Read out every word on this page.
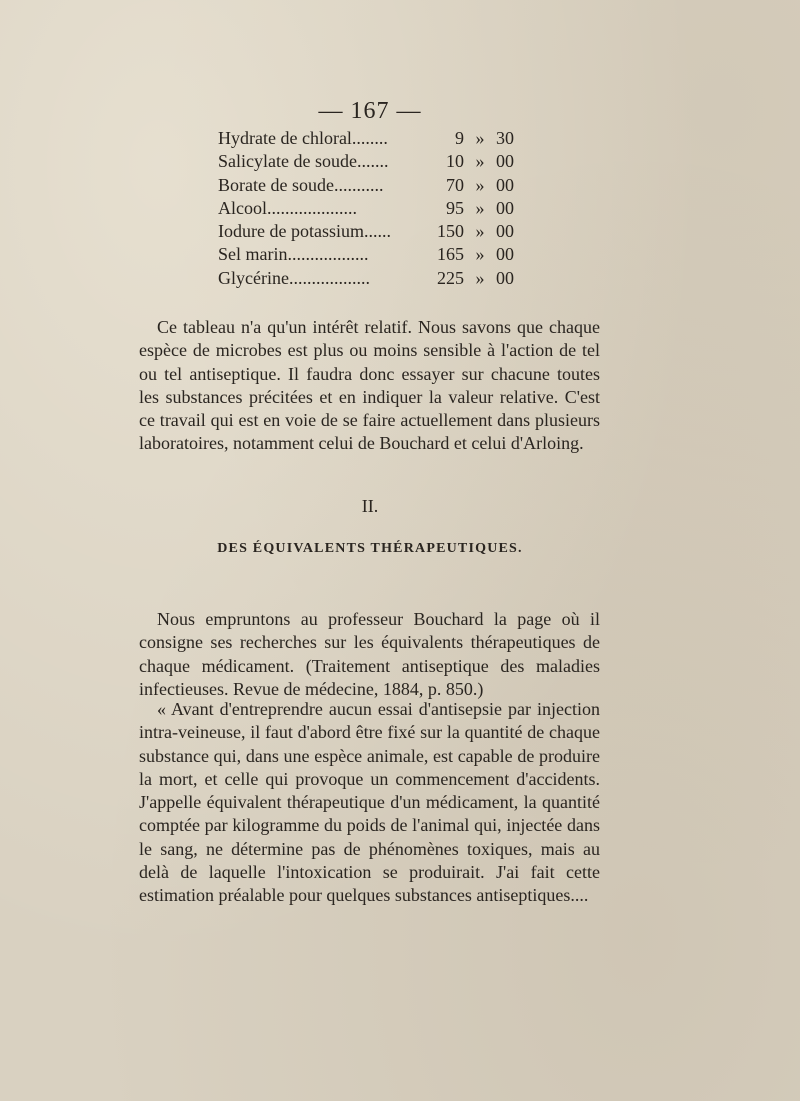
— 167 —
Hydrate de chloral........	9 » 30
Salicylate de soude.......	10 » 00
Borate de soude...........	70 » 00
Alcool....................	95 » 00
Iodure de potassium......	150 » 00
Sel marin..................	165 » 00
Glycérine..................	225 » 00

Ce tableau n'a qu'un intérêt relatif. Nous savons que chaque espèce de microbes est plus ou moins sensible à l'action de tel ou tel antiseptique. Il faudra donc essayer sur chacune toutes les substances précitées et en indiquer la valeur relative. C'est ce travail qui est en voie de se faire actuellement dans plusieurs laboratoires, notamment celui de Bouchard et celui d'Arloing.

II.
DES ÉQUIVALENTS THÉRAPEUTIQUES.

Nous empruntons au professeur Bouchard la page où il consigne ses recherches sur les équivalents thérapeutiques de chaque médicament. (Traitement antiseptique des maladies infectieuses. Revue de médecine, 1884, p. 850.)

« Avant d'entreprendre aucun essai d'antisepsie par injection intra-veineuse, il faut d'abord être fixé sur la quantité de chaque substance qui, dans une espèce animale, est capable de produire la mort, et celle qui provoque un commencement d'accidents. J'appelle équivalent thérapeutique d'un médicament, la quantité comptée par kilogramme du poids de l'animal qui, injectée dans le sang, ne détermine pas de phénomènes toxiques, mais au delà de laquelle l'intoxication se produirait. J'ai fait cette estimation préalable pour quelques substances antiseptiques....
